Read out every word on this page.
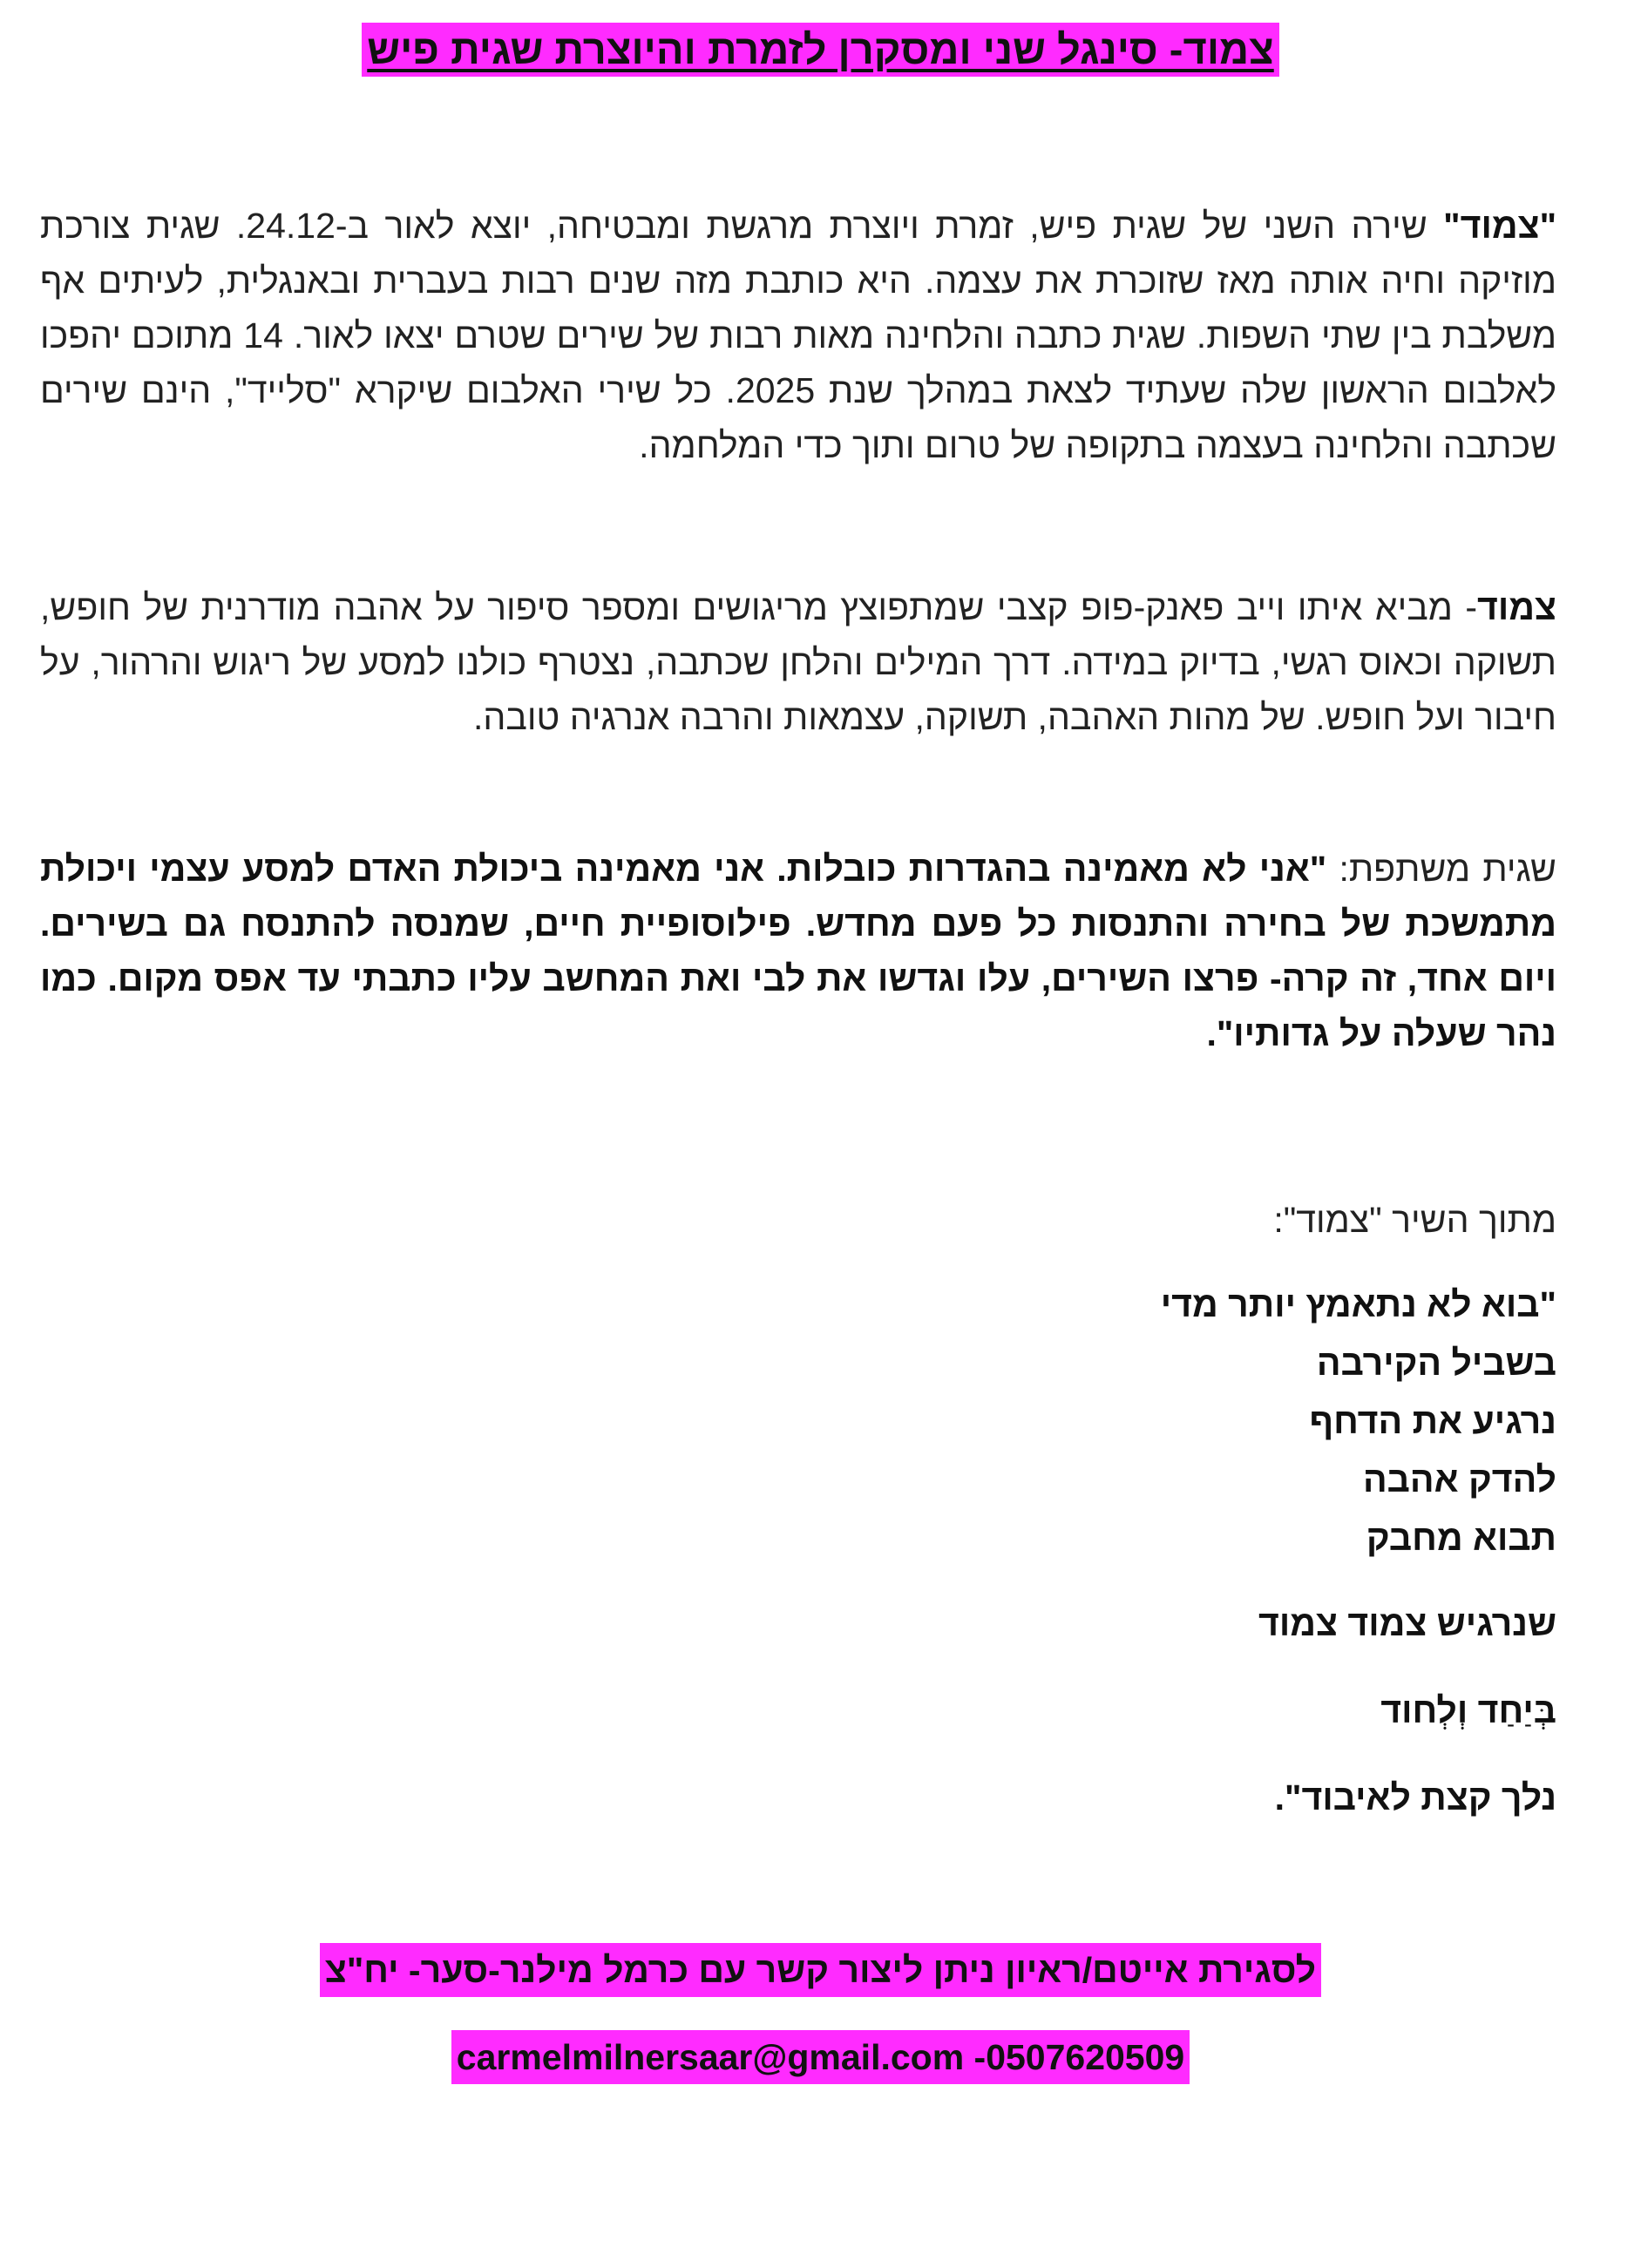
צמוד- סינגל שני ומסקרן לזמרת והיוצרת שגית פיש
"צמוד" שירה השני של שגית פיש, זמרת ויוצרת מרגשת ומבטיחה, יוצא לאור ב-24.12. שגית צורכת מוזיקה וחיה אותה מאז שזוכרת את עצמה. היא כותבת מזה שנים רבות בעברית ובאנגלית, לעיתים אף משלבת בין שתי השפות. שגית כתבה והלחינה מאות רבות של שירים שטרם יצאו לאור. 14 מתוכם יהפכו לאלבום הראשון שלה שעתיד לצאת במהלך שנת 2025. כל שירי האלבום שיקרא "סלייד", הינם שירים שכתבה והלחינה בעצמה בתקופה של טרום ותוך כדי המלחמה.
צמוד- מביא איתו וייב פאנק-פופ קצבי שמתפוצץ מריגושים ומספר סיפור על אהבה מודרנית של חופש, תשוקה וכאוס רגשי, בדיוק במידה. דרך המילים והלחן שכתבה, נצטרף כולנו למסע של ריגוש והרהור, על חיבור ועל חופש. של מהות האהבה, תשוקה, עצמאות והרבה אנרגיה טובה.
שגית משתפת: "אני לא מאמינה בהגדרות כובלות. אני מאמינה ביכולת האדם למסע עצמי ויכולת מתמשכת של בחירה והתנסות כל פעם מחדש. פילוסופיית חיים, שמנסה להתנסח גם בשירים. ויום אחד, זה קרה- פרצו השירים, עלו וגדשו את לבי ואת המחשב עליו כתבתי עד אפס מקום. כמו נהר שעלה על גדותיו".
מתוך השיר "צמוד":
"בוא לא נתאמץ יותר מדי
בשביל הקירבה
נרגיע את הדחף
להדק אהבה
תבוא מחבק
שנרגיש צמוד צמוד
בְּיַחַד וְלְחוד
נלך קצת לאיבוד".
לסגירת אייטם/ראיון ניתן ליצור קשר עם כרמל מילנר-סער- יח"צ
carmelmilnersaar@gmail.com -0507620509
